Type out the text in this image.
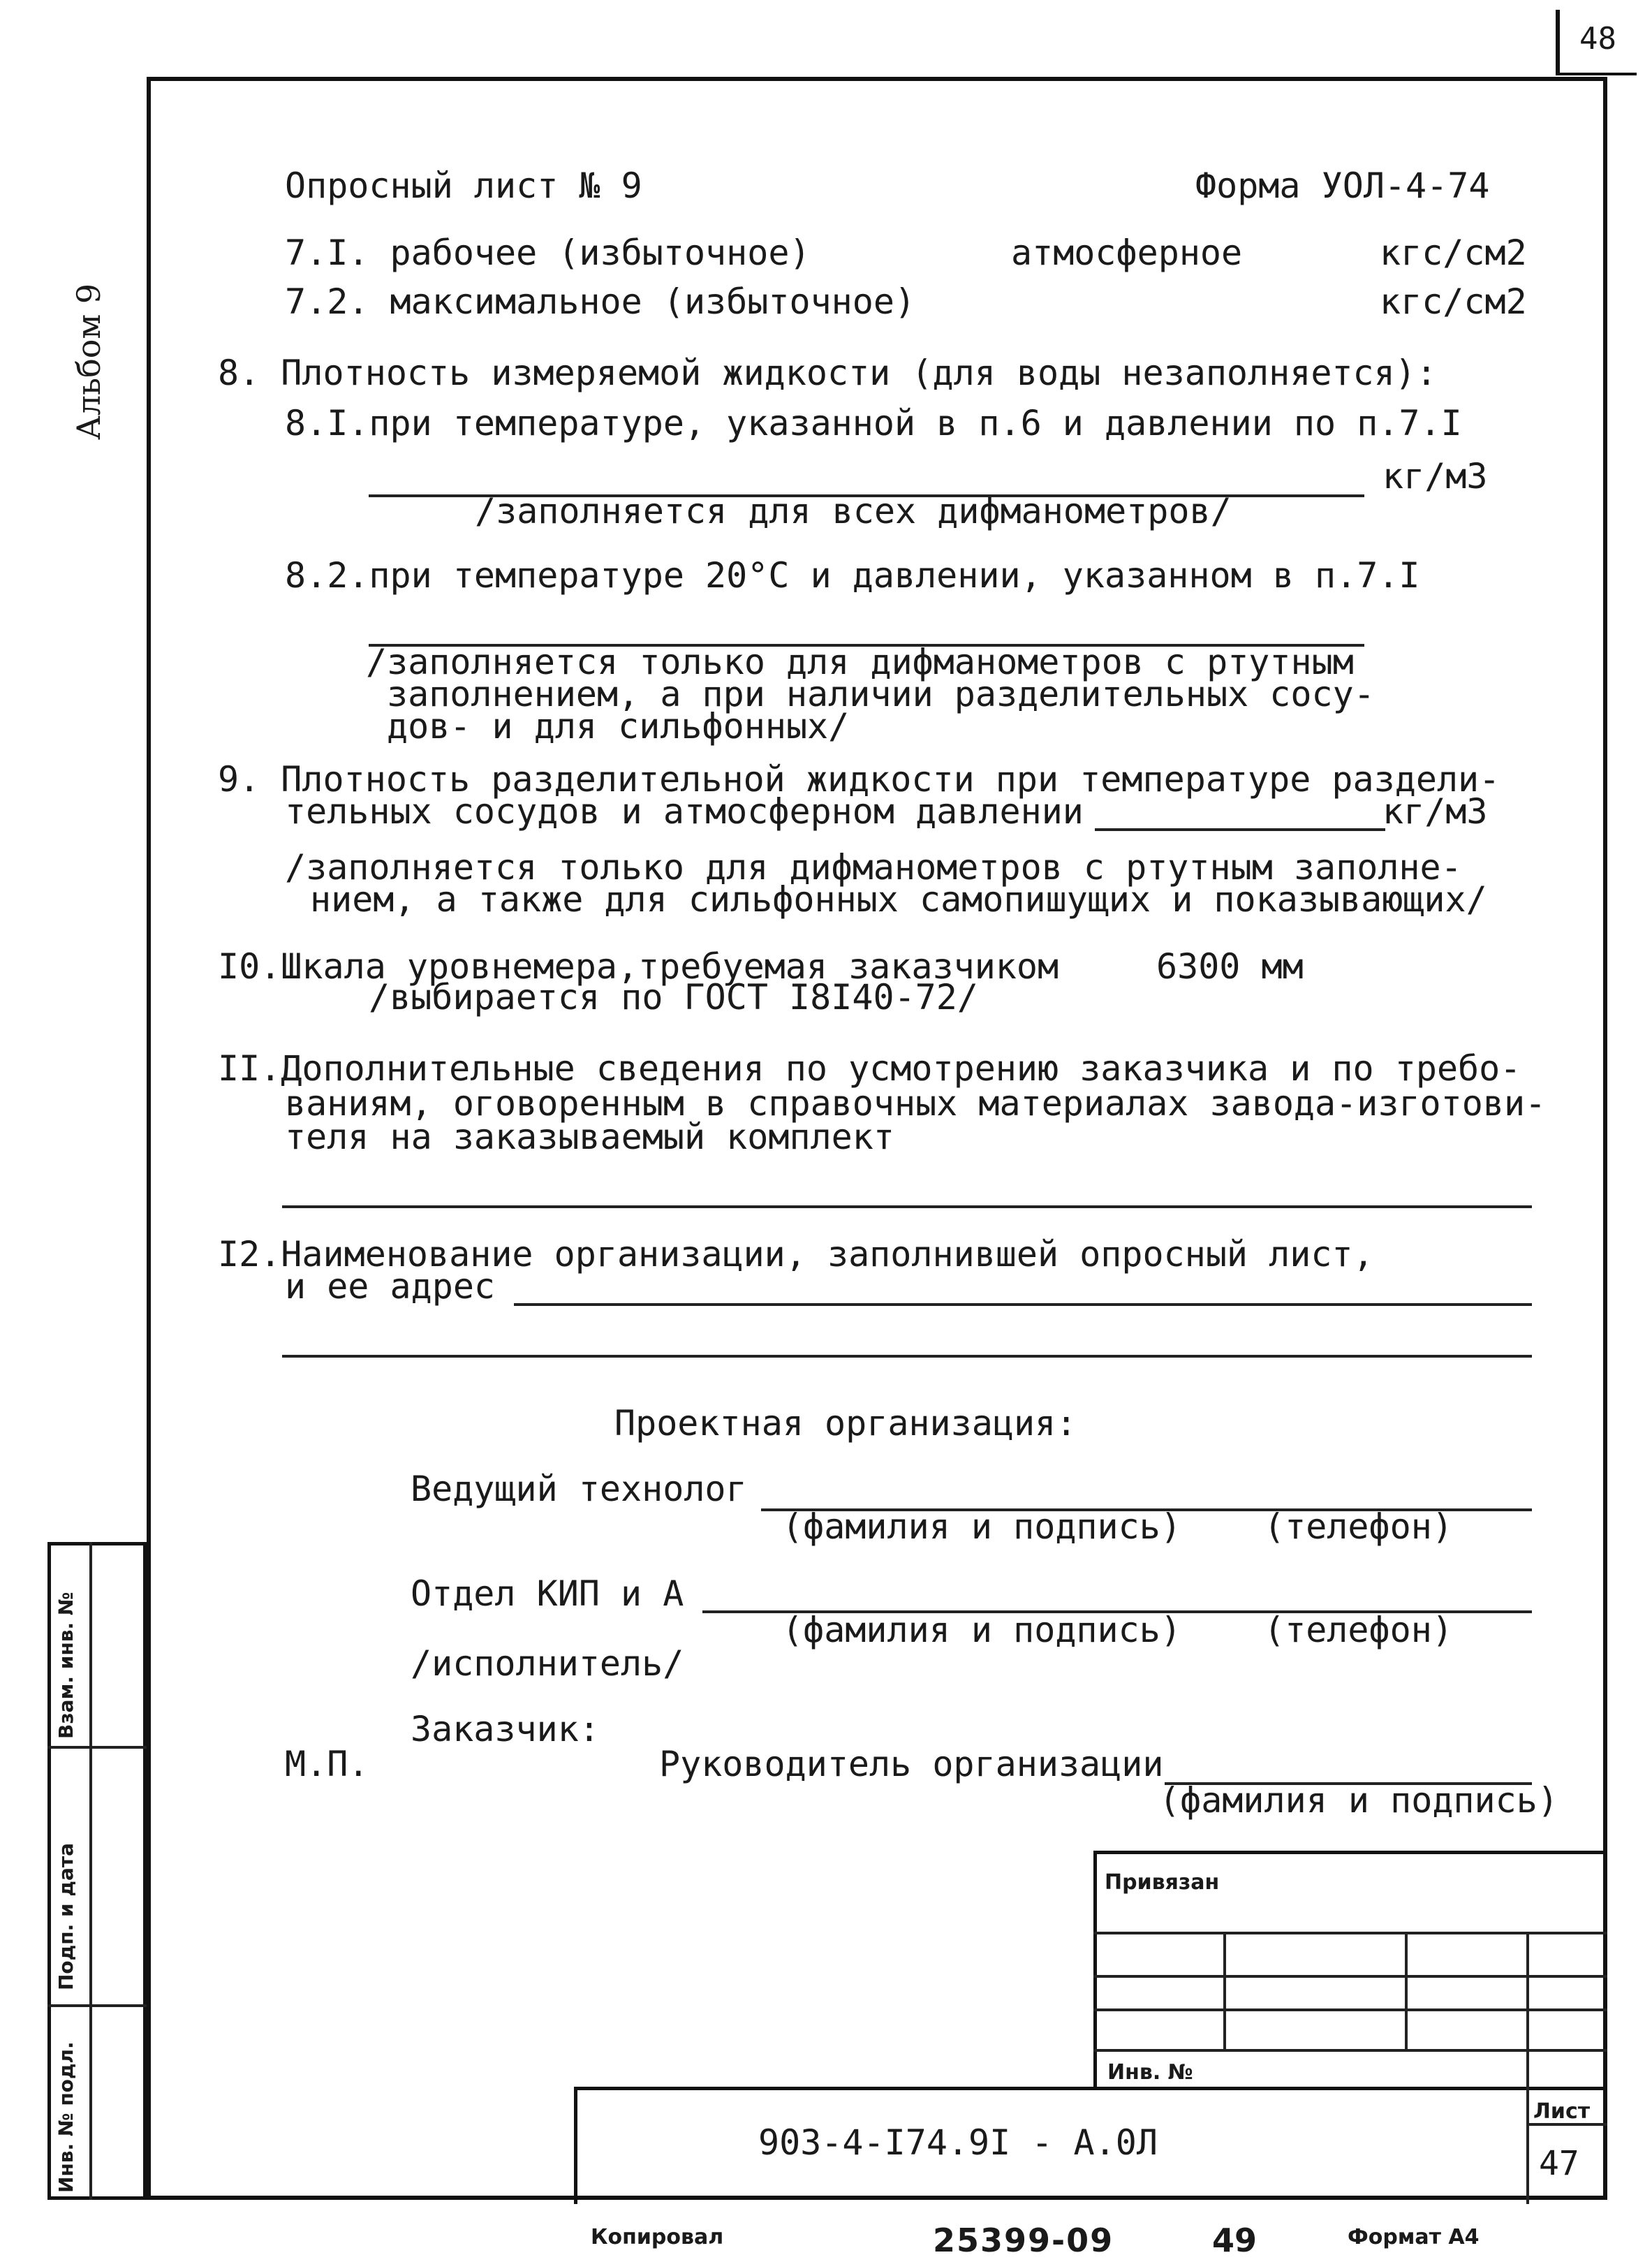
48
Альбом 9
Опросный лист № 9	Форма УОЛ-4-74
7.I. рабочее (избыточное)	атмосферное	кгс/см2
7.2. максимальное (избыточное)	кгс/см2
8. Плотность измеряемой жидкости (для воды незаполняется):
8.I.при температуре, указанной в п.6 и давлении по п.7.I
кг/м3
/заполняется для всех дифманометров/
8.2.при температуре 20°С и давлении, указанном в п.7.I
/заполняется только для дифманометров с ртутным
заполнением, а при наличии разделительных сосу-
дов- и для сильфонных/
9. Плотность разделительной жидкости при температуре раздели-
тельных сосудов и атмосферном давлении	кг/м3
/заполняется только для дифманометров с ртутным заполне-
нием, а также для сильфонных самопишущих и показывающих/
I0.Шкала уровнемера,требуемая заказчиком	6300 мм
/выбирается по ГОСТ I8I40-72/
II.Дополнительные сведения по усмотрению заказчика и по требо-
ваниям, оговоренным в справочных материалах завода-изготови-
теля на заказываемый комплект
I2.Наименование организации, заполнившей опросный лист,
и ее адрес
Проектная организация:
Ведущий технолог
(фамилия и подпись) (телефон)
Отдел КИП и А
(фамилия и подпись) (телефон)
/исполнитель/
Заказчик:
М.П.	Руководитель организации
(фамилия и подпись)
Привязан
Инв. №
903-4-I74.9I - А.0Л
Лист
47
Взам. инв. №
Подп. и дата
Инв. № подл.
Копировал	25399-09	49	Формат А4
